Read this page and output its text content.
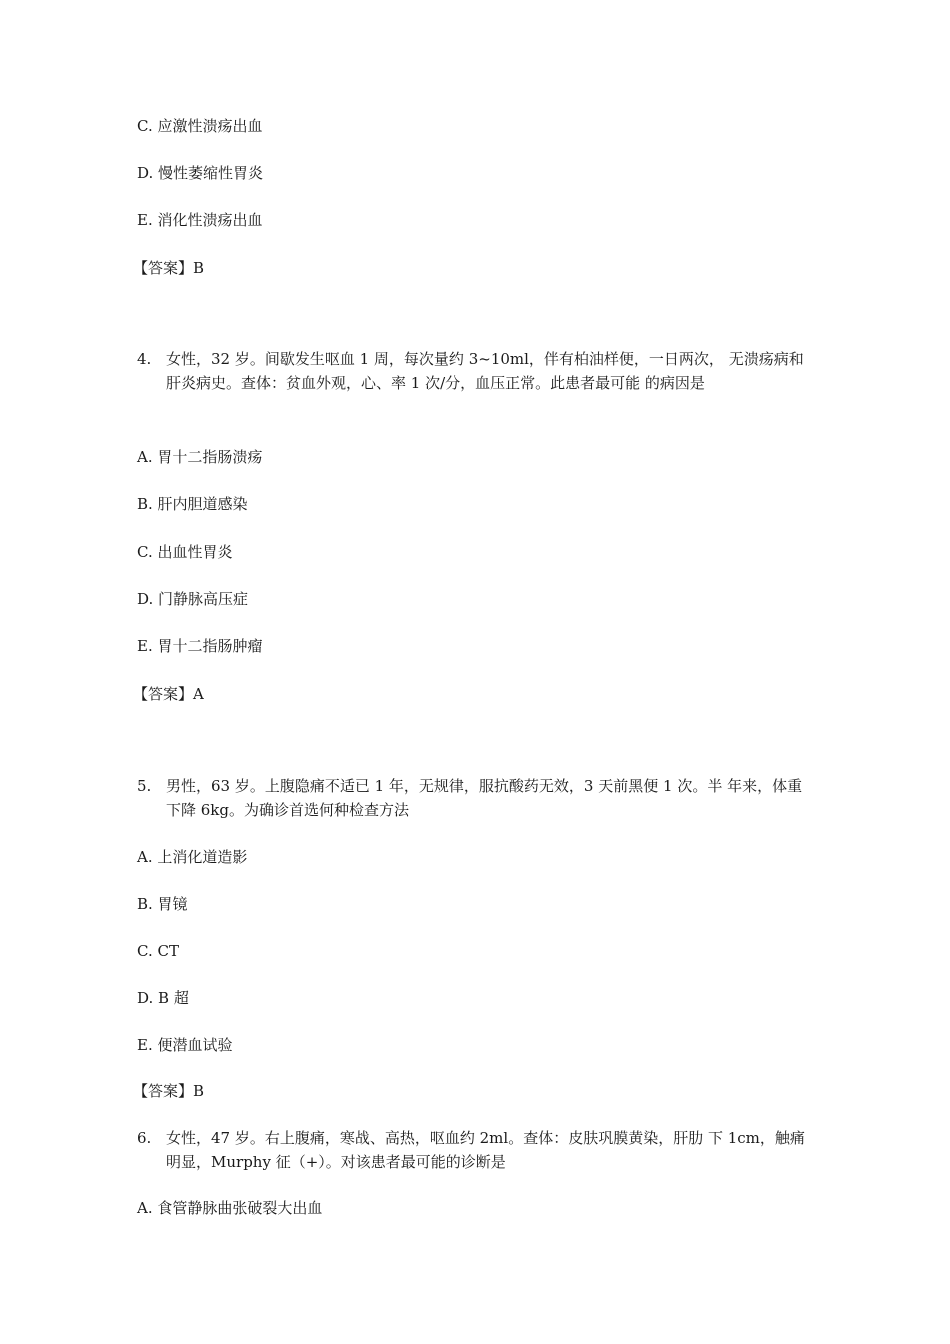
C. 应激性溃疡出血
D. 慢性萎缩性胃炎
E. 消化性溃疡出血
【答案】B
4. 女性，32 岁。间歇发生呕血 1 周，每次量约 3~10ml，伴有柏油样便，一日两次， 无溃疡病和肝炎病史。查体：贫血外观，心、率 1 次/分，血压正常。此患者最可能 的病因是
A. 胃十二指肠溃疡
B. 肝内胆道感染
C. 出血性胃炎
D. 门静脉高压症
E. 胃十二指肠肿瘤
【答案】A
5. 男性，63 岁。上腹隐痛不适已 1 年，无规律，服抗酸药无效，3 天前黑便 1 次。半 年来，体重下降 6kg。为确诊首选何种检查方法
A. 上消化道造影
B. 胃镜
C. CT
D. B 超
E. 便潜血试验
【答案】B
6. 女性，47 岁。右上腹痛，寒战、高热，呕血约 2ml。查体：皮肤巩膜黄染，肝肋 下 1cm，触痛明显，Murphy 征（+）。对该患者最可能的诊断是
A. 食管静脉曲张破裂大出血
